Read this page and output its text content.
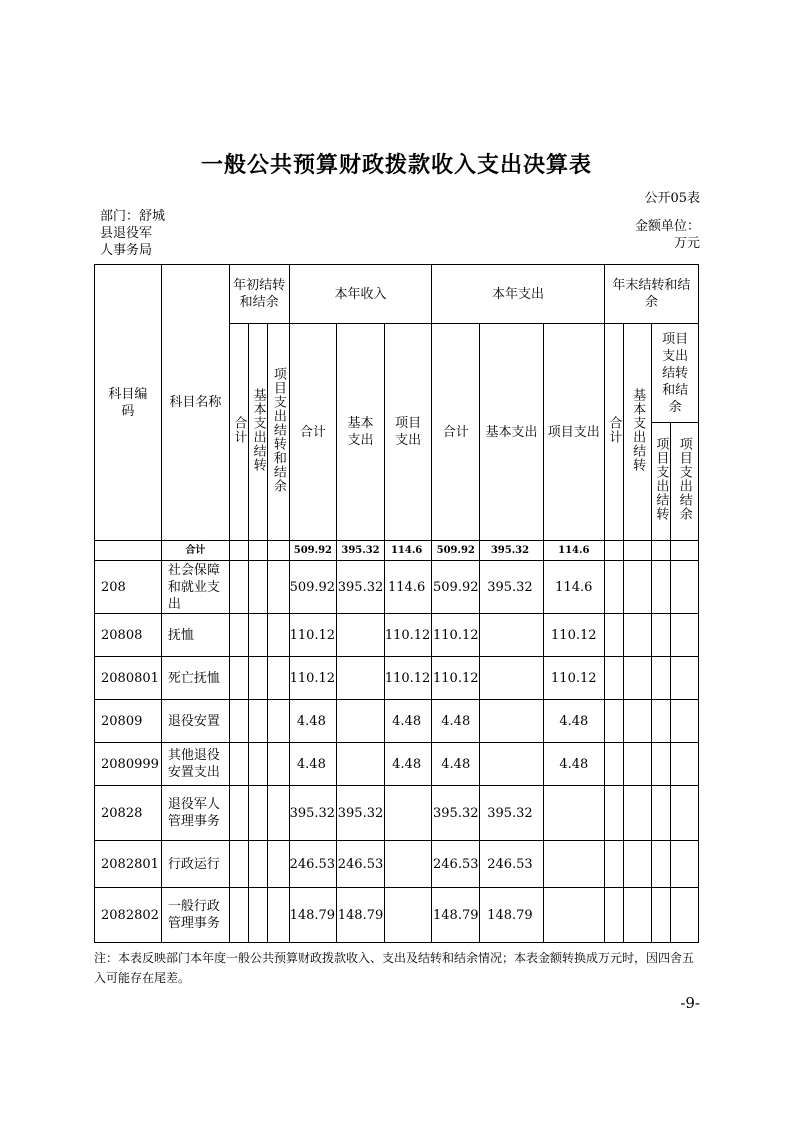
一般公共预算财政拨款收入支出决算表
公开05表
部门：舒城
县退役军
人事务局
金额单位：
万元
科目编码	科目名称	年初结转和结余			本年收入			本年支出			年末结转和结余			

		合计	基本支出结转	项目支出结转和结余	合计	基本支出	项目支出	合计	基本支出	项目支出	合计	基本支出结转	项目支出结转和结余	

													项目支出结转	项目支出结余

	合计				509.92	395.32	114.6	509.92	395.32	114.6				
208	社会保障和就业支出				509.92	395.32	114.6	509.92	395.32	114.6				
20808	抚恤				110.12		110.12	110.12		110.12				
2080801	死亡抚恤				110.12		110.12	110.12		110.12				
20809	退役安置				4.48		4.48	4.48		4.48				
2080999	其他退役安置支出				4.48		4.48	4.48		4.48				
20828	退役军人管理事务				395.32	395.32		395.32	395.32					
2082801	行政运行				246.53	246.53		246.53	246.53					
2082802	一般行政管理事务				148.79	148.79		148.79	148.79					
注：本表反映部门本年度一般公共预算财政拨款收入、支出及结转和结余情况；本表金额转换成万元时，因四舍五入可能存在尾差。
-9-
